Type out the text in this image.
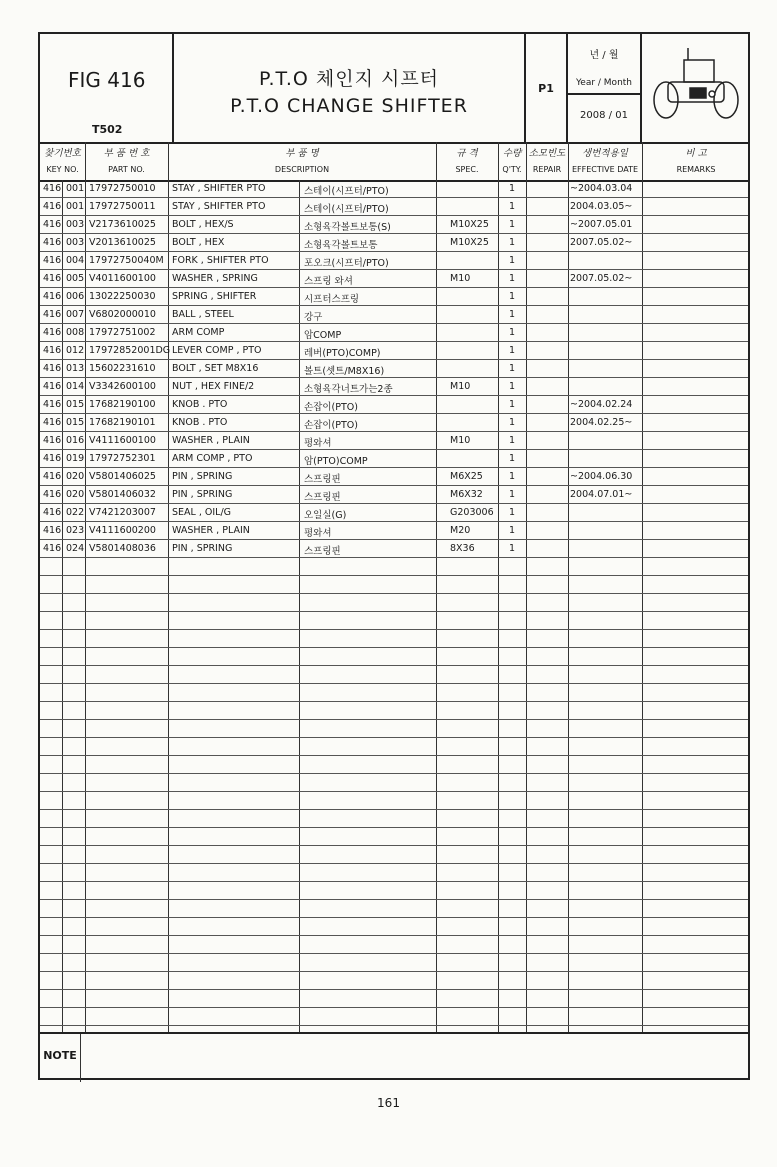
FIG 416
T502
P.T.O 체인지 시프터
P.T.O CHANGE SHIFTER
P1
년 / 월
Year / Month
2008 / 01
찾기번호
KEY NO.
부 품 번 호
PART NO.
부 품 명
DESCRIPTION
규 격
SPEC.
수량
Q'TY.
소모빈도
REPAIR
생번적용일
EFFECTIVE DATE
비 고
REMARKS
416 001 17972750010 STAY , SHIFTER PTO	스테이(시프터/PTO)	1	~2004.03.04
416 001 17972750011 STAY , SHIFTER PTO	스테이(시프터/PTO)	1	2004.03.05~
416 003 V2173610025 BOLT , HEX/S	소형육각볼트보통(S)	M10X25 1	~2007.05.01
416 003 V2013610025 BOLT , HEX	소형육각볼트보통	M10X25 1	2007.05.02~
416 004 17972750040M FORK , SHIFTER PTO	포오크(시프터/PTO)	1
416 005 V4011600100 WASHER , SPRING	스프링 와셔	M10	1	2007.05.02~
416 006 13022250030 SPRING , SHIFTER	시프터스프링	1
416 007 V6802000010 BALL , STEEL	강구	1
416 008 17972751002 ARM COMP	암COMP	1
416 012 17972852001DG LEVER COMP , PTO	레버(PTO)COMP)	1
416 013 15602231610 BOLT , SET M8X16	볼트(셋트/M8X16)	1
416 014 V3342600100 NUT , HEX FINE/2	소형육각너트가는2종	M10	1
416 015 17682190100 KNOB . PTO	손잡이(PTO)	1	~2004.02.24
416 015 17682190101 KNOB . PTO	손잡이(PTO)	1	2004.02.25~
416 016 V4111600100 WASHER , PLAIN	평와셔	M10	1
416 019 17972752301 ARM COMP , PTO	암(PTO)COMP	1
416 020 V5801406025 PIN , SPRING	스프링핀	M6X25	1	~2004.06.30
416 020 V5801406032 PIN , SPRING	스프링핀	M6X32	1	2004.07.01~
416 022 V7421203007 SEAL , OIL/G	오일실(G)	G203006 1
416 023 V4111600200 WASHER , PLAIN	평와셔	M20	1
416 024 V5801408036 PIN , SPRING	스프링핀	8X36	1
NOTE
161
